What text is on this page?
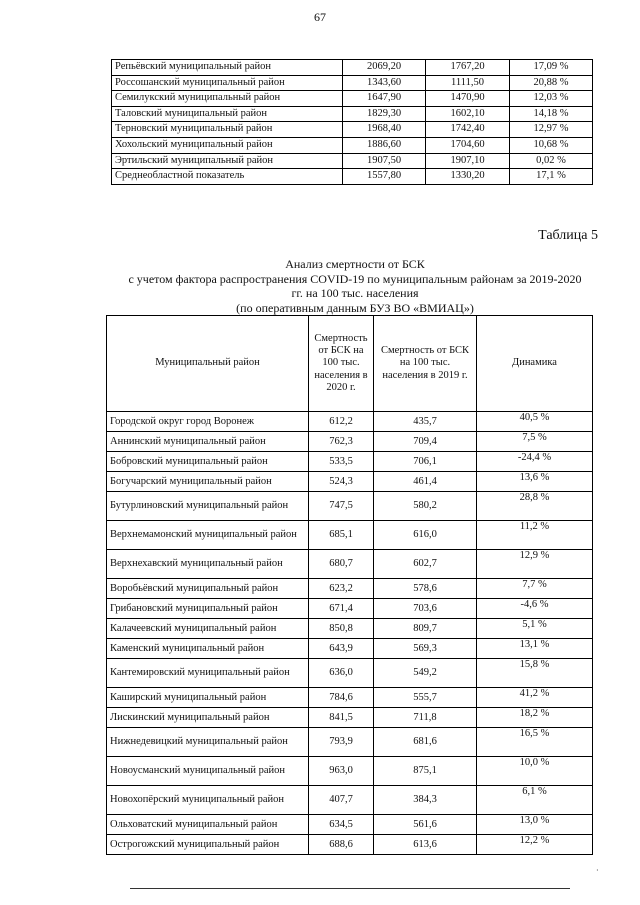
67
Репьёвский муниципальный район	2069,20	1767,20	17,09 %
Россошанский муниципальный район	1343,60	1111,50	20,88 %
Семилукский муниципальный район	1647,90	1470,90	12,03 %
Таловский муниципальный район	1829,30	1602,10	14,18 %
Терновский муниципальный район	1968,40	1742,40	12,97 %
Хохольский муниципальный район	1886,60	1704,60	10,68 %
Эртильский муниципальный район	1907,50	1907,10	0,02 %
Среднеобластной показатель	1557,80	1330,20	17,1 %
Таблица 5
Анализ смертности от БСК
с учетом фактора распространения COVID-19 по муниципальным районам за 2019-2020
гг. на 100 тыс. населения
(по оперативным данным БУЗ ВО «ВМИАЦ»)
Муниципальный район	Смертность от БСК на 100 тыс. населения в 2020 г.	Смертность от БСК на 100 тыс. населения в 2019 г.	Динамика
Городской округ город Воронеж	612,2	435,7	40,5 %
Аннинский муниципальный район	762,3	709,4	7,5 %
Бобровский муниципальный район	533,5	706,1	-24,4 %
Богучарский муниципальный район	524,3	461,4	13,6 %
Бутурлиновский муниципальный район	747,5	580,2	28,8 %
Верхнемамонский муниципальный район	685,1	616,0	11,2 %
Верхнехавский муниципальный район	680,7	602,7	12,9 %
Воробьёвский муниципальный район	623,2	578,6	7,7 %
Грибановский муниципальный район	671,4	703,6	-4,6 %
Калачеевский муниципальный район	850,8	809,7	5,1 %
Каменский муниципальный район	643,9	569,3	13,1 %
Кантемировский муниципальный район	636,0	549,2	15,8 %
Каширский муниципальный район	784,6	555,7	41,2 %
Лискинский муниципальный район	841,5	711,8	18,2 %
Нижнедевицкий муниципальный район	793,9	681,6	16,5 %
Новоусманский муниципальный район	963,0	875,1	10,0 %
Новохопёрский муниципальный район	407,7	384,3	6,1 %
Ольховатский муниципальный район	634,5	561,6	13,0 %
Острогожский муниципальный район	688,6	613,6	12,2 %
·
